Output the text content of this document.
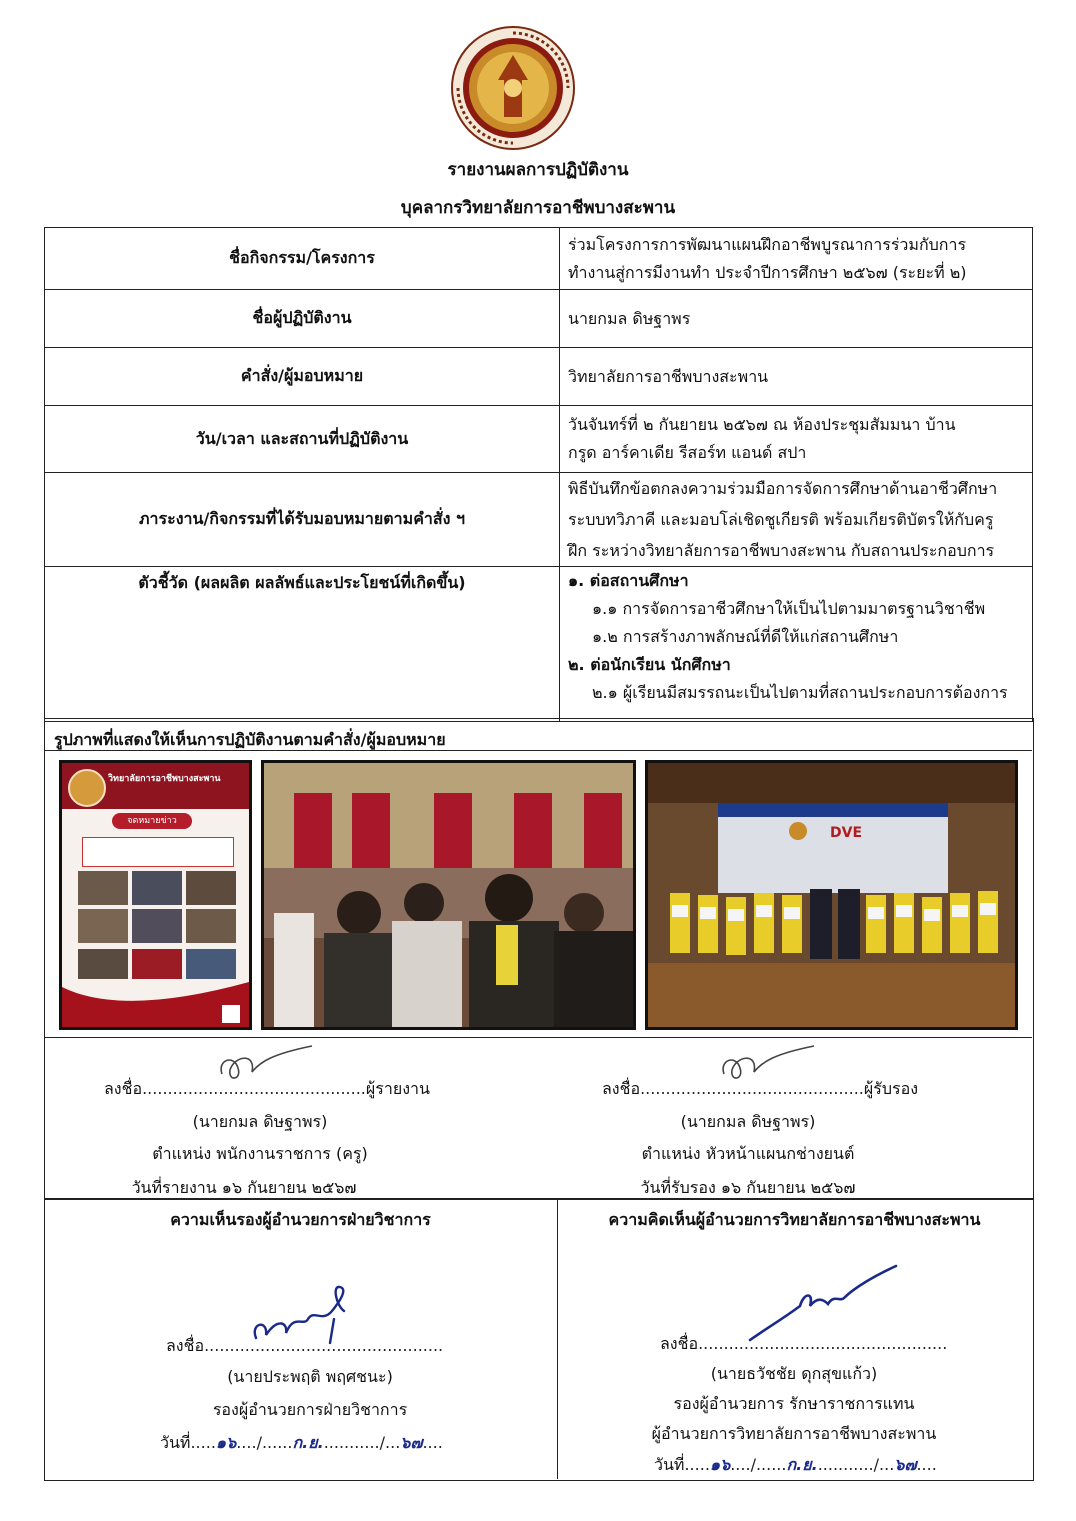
รายงานผลการปฏิบัติงาน
บุคลากรวิทยาลัยการอาชีพบางสะพาน
ชื่อกิจกรรม/โครงการ	ร่วมโครงการการพัฒนาแผนฝึกอาชีพบูรณาการร่วมกับการ
ทำงานสู่การมีงานทำ ประจำปีการศึกษา ๒๕๖๗ (ระยะที่ ๒)

ชื่อผู้ปฏิบัติงาน	นายกมล ดิษฐาพร

คำสั่ง/ผู้มอบหมาย	วิทยาลัยการอาชีพบางสะพาน

วัน/เวลา และสถานที่ปฏิบัติงาน	วันจันทร์ที่ ๒ กันยายน ๒๕๖๗ ณ ห้องประชุมสัมมนา บ้าน
กรูด อาร์คาเดีย รีสอร์ท แอนด์ สปา

ภาระงาน/กิจกรรมที่ได้รับมอบหมายตามคำสั่ง ฯ	พิธีบันทึกข้อตกลงความร่วมมือการจัดการศึกษาด้านอาชีวศึกษา
ระบบทวิภาคี และมอบโล่เชิดชูเกียรติ พร้อมเกียรติบัตรให้กับครู
ฝึก ระหว่างวิทยาลัยการอาชีพบางสะพาน กับสถานประกอบการ

ตัวชี้วัด (ผลผลิต ผลลัพธ์และประโยชน์ที่เกิดขึ้น)	๑. ต่อสถานศึกษา
๑.๑ การจัดการอาชีวศึกษาให้เป็นไปตามมาตรฐานวิชาชีพ
๑.๒ การสร้างภาพลักษณ์ที่ดีให้แก่สถานศึกษา
๒. ต่อนักเรียน นักศึกษา
๒.๑ ผู้เรียนมีสมรรถนะเป็นไปตามที่สถานประกอบการต้องการ
รูปภาพที่แสดงให้เห็นการปฏิบัติงานตามคำสั่ง/ผู้มอบหมาย
วิทยาลัยการอาชีพบางสะพาน
จดหมายข่าว
DVE
ลงชื่อ............................................ผู้รายงาน
(นายกมล ดิษฐาพร)
ตำแหน่ง พนักงานราชการ (ครู)
วันที่รายงาน ๑๖ กันยายน ๒๕๖๗
ลงชื่อ............................................ผู้รับรอง
(นายกมล ดิษฐาพร)
ตำแหน่ง หัวหน้าแผนกช่างยนต์
วันที่รับรอง ๑๖ กันยายน ๒๕๖๗
ความเห็นรองผู้อำนวยการฝ่ายวิชาการ	ความคิดเห็นผู้อำนวยการวิทยาลัยการอาชีพบางสะพาน
ลงชื่อ...............................................
(นายประพฤติ พฤศชนะ)
รองผู้อำนวยการฝ่ายวิชาการ
วันที่.....๑๖..../......ก.ย............/...๖๗....
ลงชื่อ.................................................
(นายธวัชชัย ดุกสุขแก้ว)
รองผู้อำนวยการ รักษาราชการแทน
ผู้อำนวยการวิทยาลัยการอาชีพบางสะพาน
วันที่.....๑๖..../......ก.ย............/...๖๗....
